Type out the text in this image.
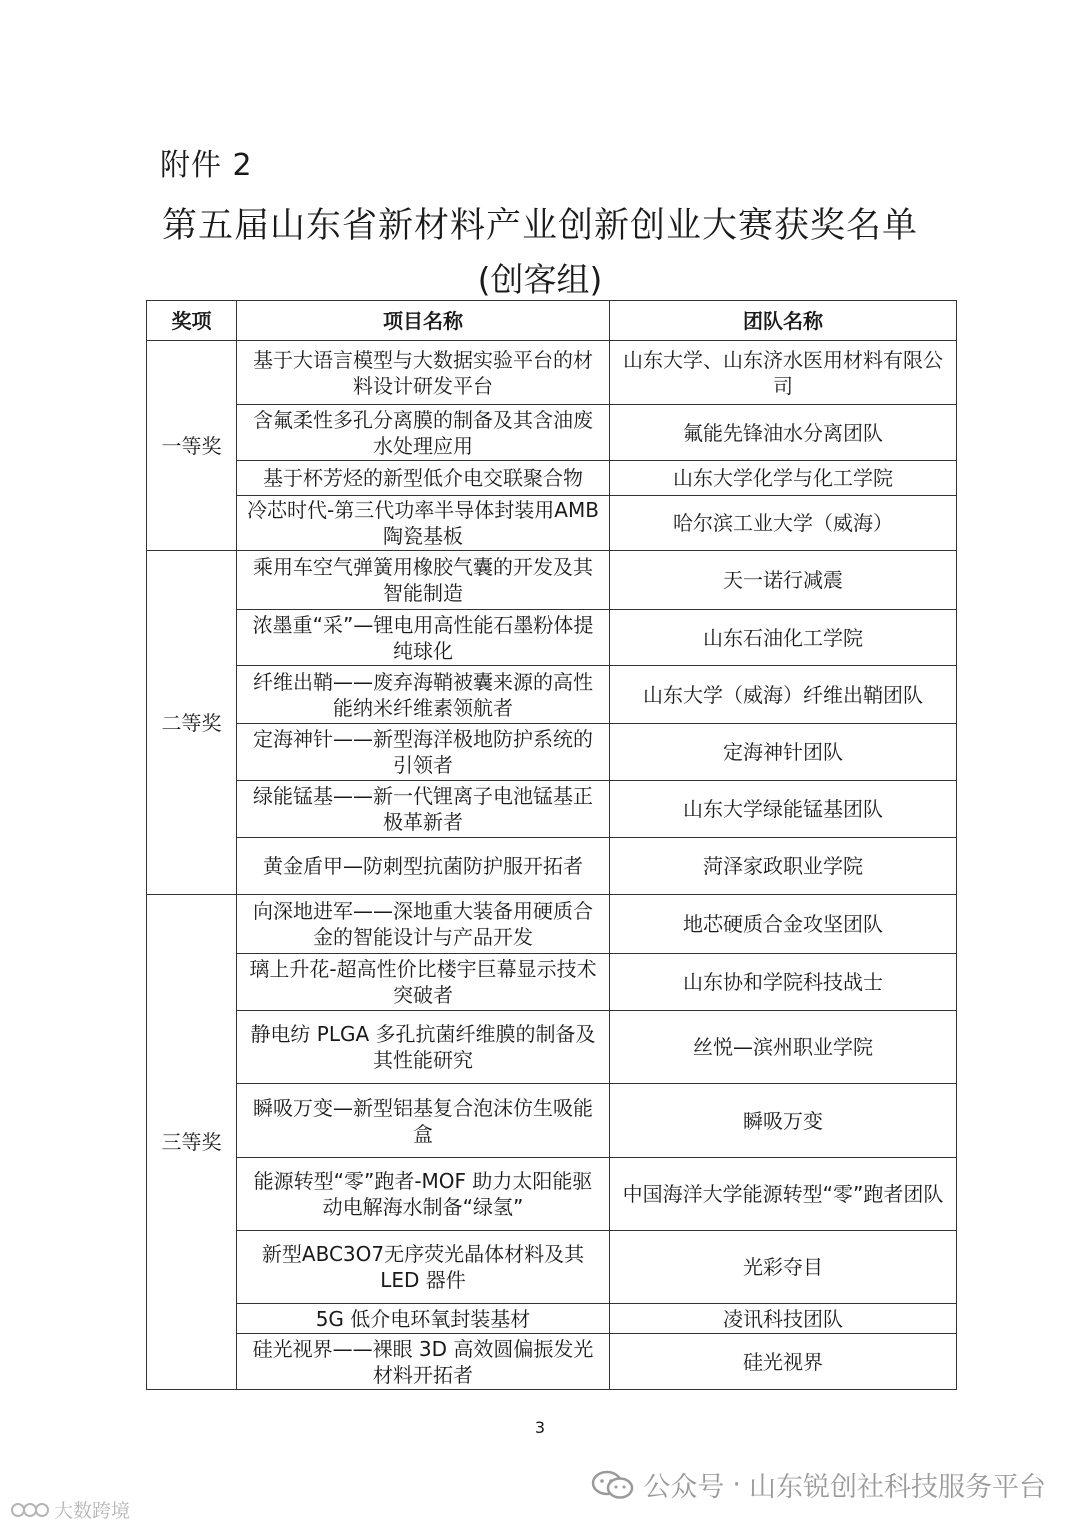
附件 2
第五届山东省新材料产业创新创业大赛获奖名单
(创客组)
奖项	项目名称	团队名称
一等奖	基于大语言模型与大数据实验平台的材料设计研发平台	山东大学、山东济水医用材料有限公司
	含氟柔性多孔分离膜的制备及其含油废水处理应用	氟能先锋油水分离团队
	基于杯芳烃的新型低介电交联聚合物	山东大学化学与化工学院
	冷芯时代-第三代功率半导体封装用AMB 陶瓷基板	哈尔滨工业大学（威海）
二等奖	乘用车空气弹簧用橡胶气囊的开发及其智能制造	天一诺行减震
	浓墨重“采”—锂电用高性能石墨粉体提纯球化	山东石油化工学院
	纤维出鞘——废弃海鞘被囊来源的高性能纳米纤维素领航者	山东大学（威海）纤维出鞘团队
	定海神针——新型海洋极地防护系统的引领者	定海神针团队
	绿能锰基——新一代锂离子电池锰基正极革新者	山东大学绿能锰基团队
	黄金盾甲—防刺型抗菌防护服开拓者	菏泽家政职业学院
三等奖	向深地进军——深地重大装备用硬质合金的智能设计与产品开发	地芯硬质合金攻坚团队
	璃上升花-超高性价比楼宇巨幕显示技术突破者	山东协和学院科技战士
	静电纺 PLGA 多孔抗菌纤维膜的制备及其性能研究	丝悦—滨州职业学院
	瞬吸万变—新型铝基复合泡沫仿生吸能盒	瞬吸万变
	能源转型“零”跑者-MOF 助力太阳能驱动电解海水制备“绿氢”	中国海洋大学能源转型“零”跑者团队
	新型ABC3O7无序荧光晶体材料及其LED 器件	光彩夺目
	5G 低介电环氧封装基材	凌讯科技团队
	硅光视界——裸眼 3D 高效圆偏振发光材料开拓者	硅光视界
3
公众号 · 山东锐创社科技服务平台
大数跨境
